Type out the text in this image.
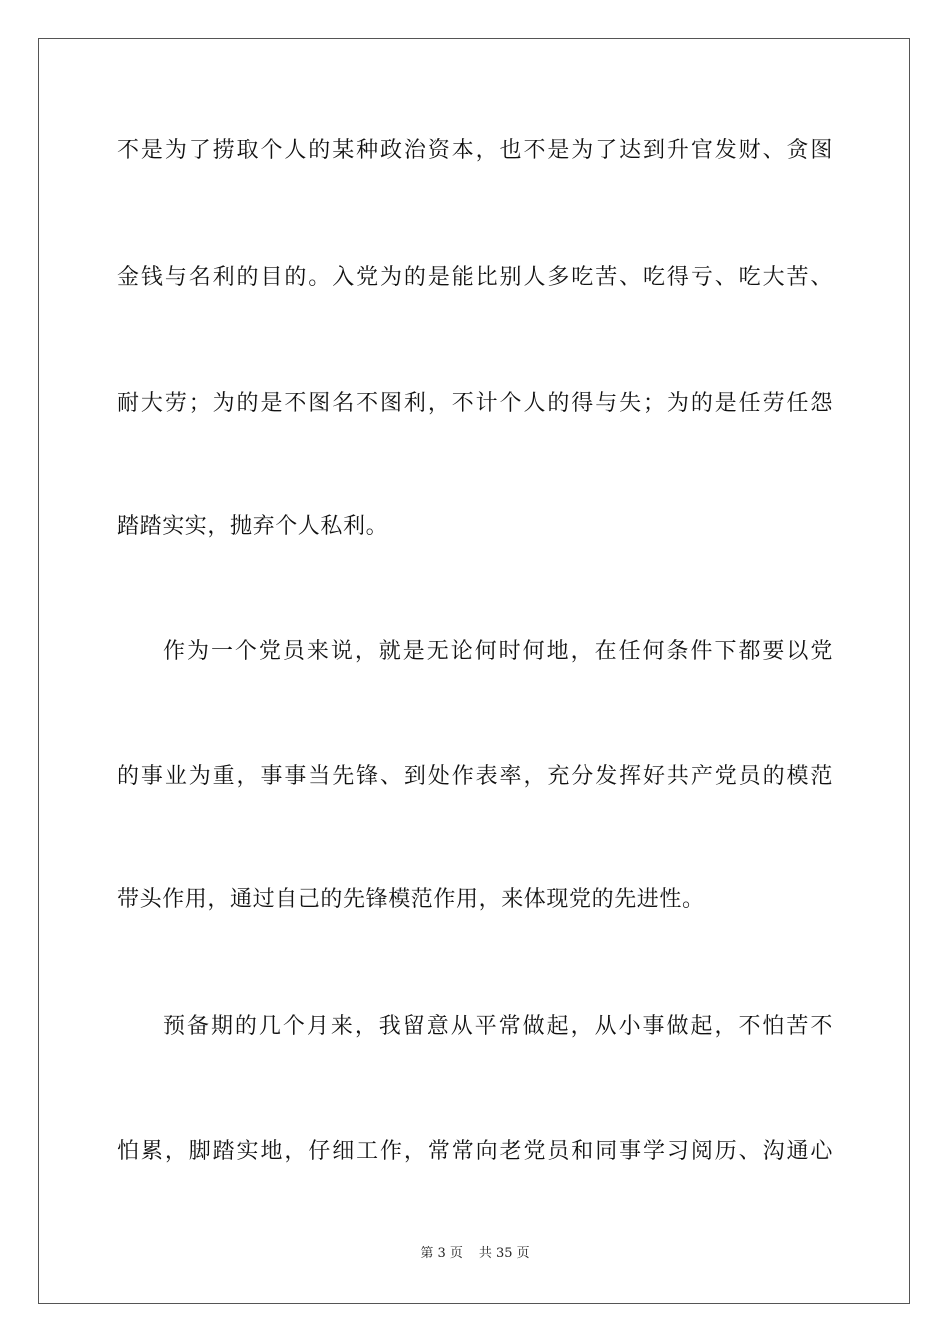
不是为了捞取个人的某种政治资本，也不是为了达到升官发财、贪图
金钱与名利的目的。入党为的是能比别人多吃苦、吃得亏、吃大苦、
耐大劳；为的是不图名不图利，不计个人的得与失；为的是任劳任怨
踏踏实实，抛弃个人私利。
作为一个党员来说，就是无论何时何地，在任何条件下都要以党
的事业为重，事事当先锋、到处作表率，充分发挥好共产党员的模范
带头作用，通过自己的先锋模范作用，来体现党的先进性。
预备期的几个月来，我留意从平常做起，从小事做起，不怕苦不
怕累，脚踏实地，仔细工作，常常向老党员和同事学习阅历、沟通心
第 3 页 共 35 页
